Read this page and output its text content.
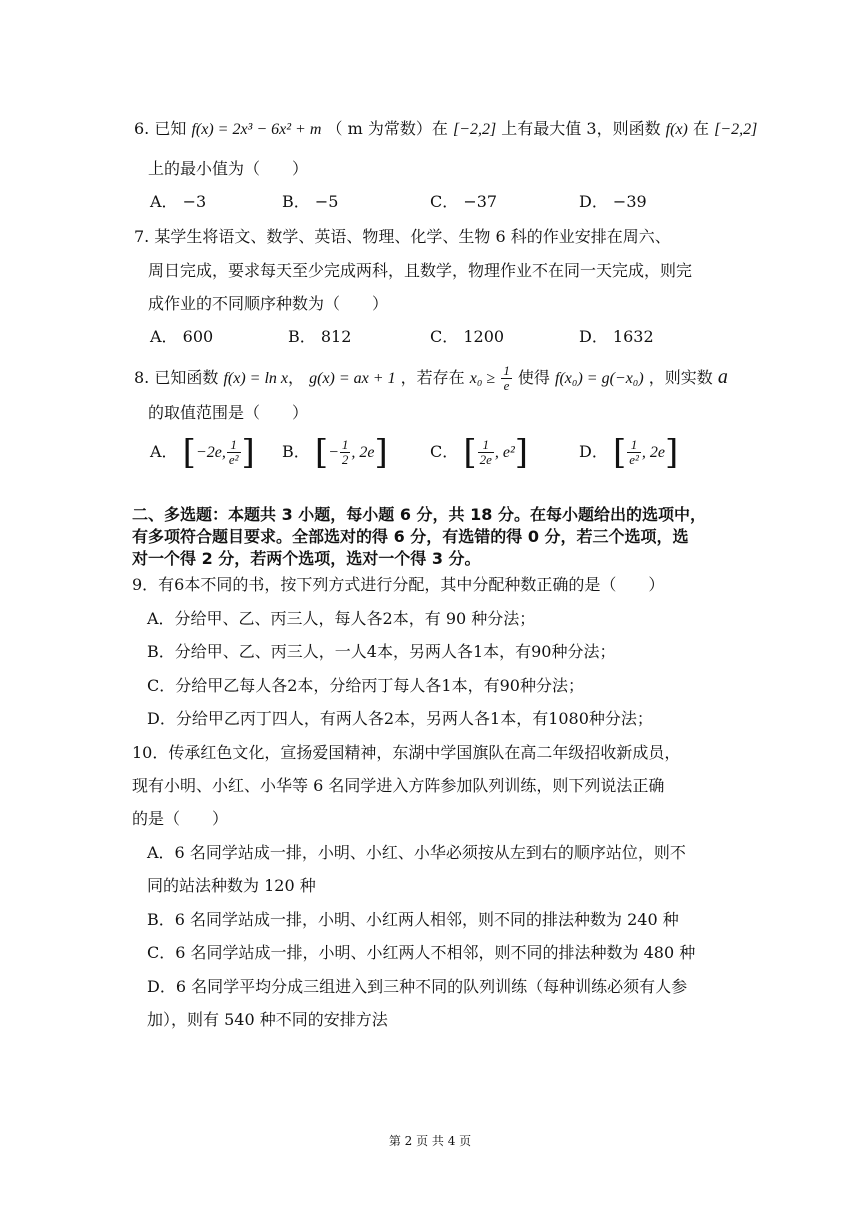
6. 已知 f(x) = 2x³ − 6x² + m （ m 为常数）在 [−2,2] 上有最大值 3，则函数 f(x) 在 [−2,2]
上的最小值为（　　）
A． −3	B． −5	C． −37	D． −39
7. 某学生将语文、数学、英语、物理、化学、生物 6 科的作业安排在周六、
周日完成，要求每天至少完成两科，且数学，物理作业不在同一天完成，则完
成作业的不同顺序种数为（　　）
A． 600	B． 812	C． 1200	D． 1632
8. 已知函数 f(x) = ln x， g(x) = ax + 1 ，若存在 $x_0 \ge \frac{1}{e}$ 使得 f(x₀) = g(−x₀) ，则实数 a
的取值范围是（　　）
A． [−2e, $\frac{1}{\text{e²}}$ ] B． [− $\frac{1}{2}$ , 2e]	C． [ $\frac{1}{2e}$ , e²]	D． [ $\frac{1}{\text{e²}}$ , 2e]
二、多选题：本题共 3 小题，每小题 6 分，共 18 分。在每小题给出的选项中，
有多项符合题目要求。全部选对的得 6 分，有选错的得 0 分，若三个选项，选
对一个得 2 分，若两个选项，选对一个得 3 分。
9．有6本不同的书，按下列方式进行分配，其中分配种数正确的是（　　）
A．分给甲、乙、丙三人，每人各2本，有 90 种分法；
B．分给甲、乙、丙三人，一人4本，另两人各1本，有90种分法；
C．分给甲乙每人各2本，分给丙丁每人各1本，有90种分法；
D．分给甲乙丙丁四人，有两人各2本，另两人各1本，有1080种分法；
10．传承红色文化，宣扬爱国精神，东湖中学国旗队在高二年级招收新成员，
现有小明、小红、小华等 6 名同学进入方阵参加队列训练，则下列说法正确
的是（　　）
A．6 名同学站成一排，小明、小红、小华必须按从左到右的顺序站位，则不
同的站法种数为 120 种
B．6 名同学站成一排，小明、小红两人相邻，则不同的排法种数为 240 种
C．6 名同学站成一排，小明、小红两人不相邻，则不同的排法种数为 480 种
D．6 名同学平均分成三组进入到三种不同的队列训练（每种训练必须有人参
加），则有 540 种不同的安排方法
第 2 页 共 4 页
